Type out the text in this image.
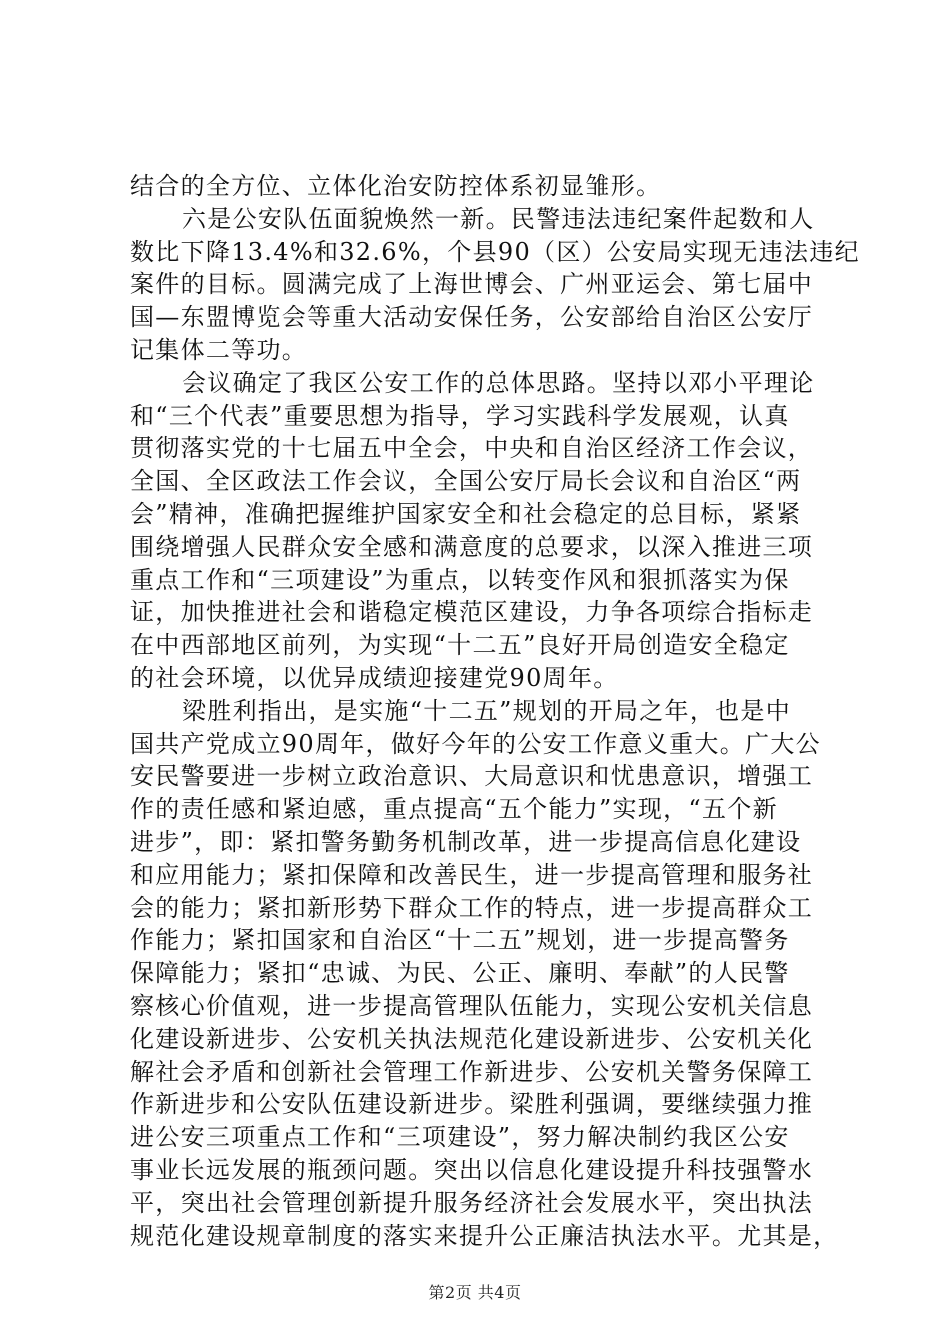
结合的全方位、立体化治安防控体系初显雏形。
六是公安队伍面貌焕然一新。民警违法违纪案件起数和人
数比下降13.4%和32.6%，个县90（区）公安局实现无违法违纪
案件的目标。圆满完成了上海世博会、广州亚运会、第七届中
国—东盟博览会等重大活动安保任务，公安部给自治区公安厅
记集体二等功。
会议确定了我区公安工作的总体思路。坚持以邓小平理论
和“三个代表”重要思想为指导，学习实践科学发展观，认真
贯彻落实党的十七届五中全会，中央和自治区经济工作会议，
全国、全区政法工作会议，全国公安厅局长会议和自治区“两
会”精神，准确把握维护国家安全和社会稳定的总目标，紧紧
围绕增强人民群众安全感和满意度的总要求，以深入推进三项
重点工作和“三项建设”为重点，以转变作风和狠抓落实为保
证，加快推进社会和谐稳定模范区建设，力争各项综合指标走
在中西部地区前列，为实现“十二五”良好开局创造安全稳定
的社会环境，以优异成绩迎接建党90周年。
梁胜利指出，是实施“十二五”规划的开局之年，也是中
国共产党成立90周年，做好今年的公安工作意义重大。广大公
安民警要进一步树立政治意识、大局意识和忧患意识，增强工
作的责任感和紧迫感，重点提高“五个能力”实现，“五个新
进步”，即：紧扣警务勤务机制改革，进一步提高信息化建设
和应用能力；紧扣保障和改善民生，进一步提高管理和服务社
会的能力；紧扣新形势下群众工作的特点，进一步提高群众工
作能力；紧扣国家和自治区“十二五”规划，进一步提高警务
保障能力；紧扣“忠诚、为民、公正、廉明、奉献”的人民警
察核心价值观，进一步提高管理队伍能力，实现公安机关信息
化建设新进步、公安机关执法规范化建设新进步、公安机关化
解社会矛盾和创新社会管理工作新进步、公安机关警务保障工
作新进步和公安队伍建设新进步。梁胜利强调，要继续强力推
进公安三项重点工作和“三项建设”，努力解决制约我区公安
事业长远发展的瓶颈问题。突出以信息化建设提升科技强警水
平，突出社会管理创新提升服务经济社会发展水平，突出执法
规范化建设规章制度的落实来提升公正廉洁执法水平。尤其是，
第2页 共4页
